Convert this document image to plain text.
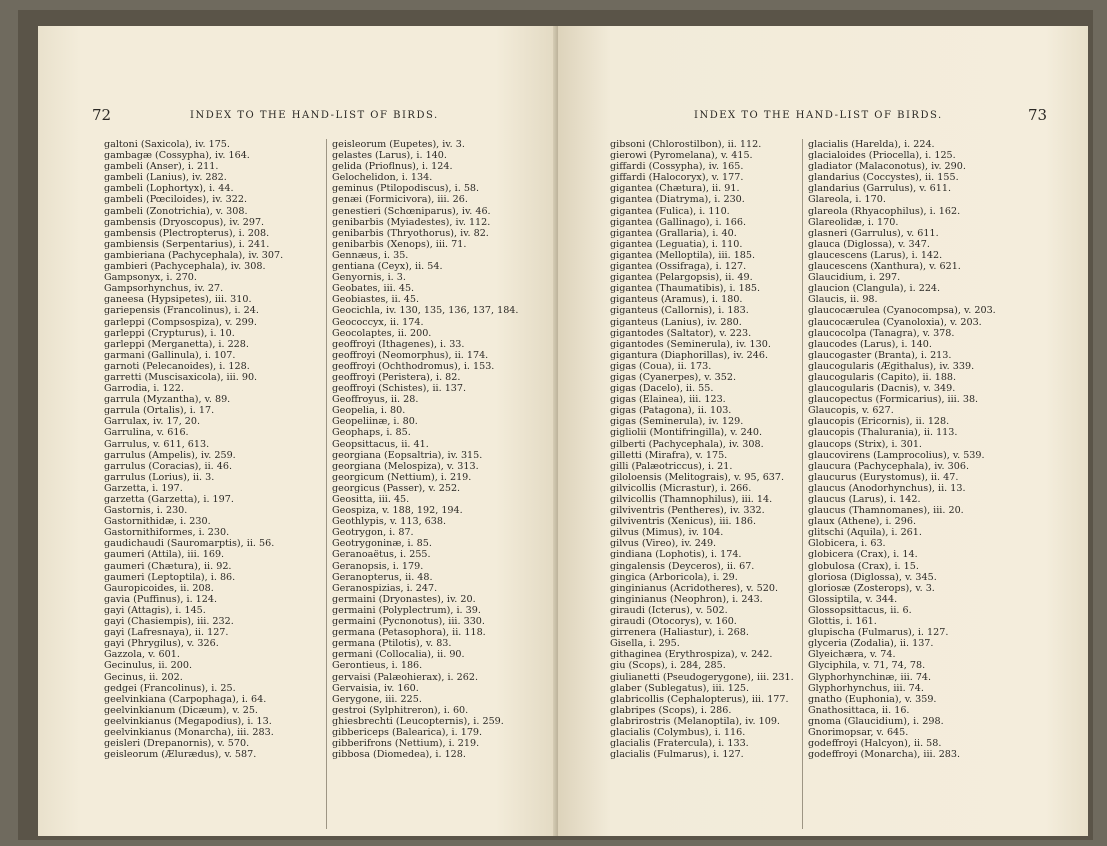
72	INDEX TO THE HAND-LIST OF BIRDS.
galtoni (Saxicola), iv. 175.
gambagæ (Cossypha), iv. 164.
gambeli (Anser), i. 211.
gambeli (Lanius), iv. 282.
gambeli (Lophortyx), i. 44.
gambeli (Pœciloides), iv. 322.
gambeli (Zonotrichia), v. 308.
gambensis (Dryoscopus), iv. 297.
gambensis (Plectropterus), i. 208.
gambiensis (Serpentarius), i. 241.
gambieriana (Pachycephala), iv. 307.
gambieri (Pachycephala), iv. 308.
Gampsonyx, i. 270.
Gampsorhynchus, iv. 27.
ganeesa (Hypsipetes), iii. 310.
gariepensis (Francolinus), i. 24.
garleppi (Compsospiza), v. 299.
garleppi (Crypturus), i. 10.
garleppi (Merganetta), i. 228.
garmani (Gallinula), i. 107.
garnoti (Pelecanoides), i. 128.
garretti (Muscisaxicola), iii. 90.
Garrodia, i. 122.
garrula (Myzantha), v. 89.
garrula (Ortalis), i. 17.
Garrulax, iv. 17, 20.
Garrulina, v. 616.
Garrulus, v. 611, 613.
garrulus (Ampelis), iv. 259.
garrulus (Coracias), ii. 46.
garrulus (Lorius), ii. 3.
Garzetta, i. 197.
garzetta (Garzetta), i. 197.
Gastornis, i. 230.
Gastornithidæ, i. 230.
Gastornithiformes, i. 230.
gaudichaudi (Sauromarptis), ii. 56.
gaumeri (Attila), iii. 169.
gaumeri (Chætura), ii. 92.
gaumeri (Leptoptila), i. 86.
Gauropicoides, ii. 208.
gavia (Puffinus), i. 124.
gayi (Attagis), i. 145.
gayi (Chasiempis), iii. 232.
gayi (Lafresnaya), ii. 127.
gayi (Phrygilus), v. 326.
Gazzola, v. 601.
Gecinulus, ii. 200.
Gecinus, ii. 202.
gedgei (Francolinus), i. 25.
geelvinkiana (Carpophaga), i. 64.
geelvinkianum (Dicæum), v. 25.
geelvinkianus (Megapodius), i. 13.
geelvinkianus (Monarcha), iii. 283.
geisleri (Drepanornis), v. 570.
geisleorum (Ælurædus), v. 587.
geisleorum (Eupetes), iv. 3.
gelastes (Larus), i. 140.
gelida (Prioflnus), i. 124.
Gelochelidon, i. 134.
geminus (Ptilopodiscus), i. 58.
genæi (Formicivora), iii. 26.
genestieri (Schœniparus), iv. 46.
genibarbis (Myiadestes), iv. 112.
genibarbis (Thryothorus), iv. 82.
genibarbis (Xenops), iii. 71.
Gennæus, i. 35.
gentiana (Ceyx), ii. 54.
Genyornis, i. 3.
Geobates, iii. 45.
Geobiastes, ii. 45.
Geocichla, iv. 130, 135, 136, 137, 184.
Geococcyx, ii. 174.
Geocolaptes, ii. 200.
geoffroyi (Ithagenes), i. 33.
geoffroyi (Neomorphus), ii. 174.
geoffroyi (Ochthodromus), i. 153.
geoffroyi (Peristera), i. 82.
geoffroyi (Schistes), ii. 137.
Geoffroyus, ii. 28.
Geopelia, i. 80.
Geopeliinæ, i. 80.
Geophaps, i. 85.
Geopsittacus, ii. 41.
georgiana (Eopsaltria), iv. 315.
georgiana (Melospiza), v. 313.
georgicum (Nettium), i. 219.
georgicus (Passer), v. 252.
Geositta, iii. 45.
Geospiza, v. 188, 192, 194.
Geothlypis, v. 113, 638.
Geotrygon, i. 87.
Geotrygoninæ, i. 85.
Geranoaëtus, i. 255.
Geranopsis, i. 179.
Geranopterus, ii. 48.
Geranospizias, i. 247.
germaini (Dryonastes), iv. 20.
germaini (Polyplectrum), i. 39.
germaini (Pycnonotus), iii. 330.
germana (Petasophora), ii. 118.
germana (Ptilotis), v. 83.
germani (Collocalia), ii. 90.
Gerontieus, i. 186.
gervaisi (Palæohierax), i. 262.
Gervaisia, iv. 160.
Gerygone, iii. 225.
gestroi (Sylphitreron), i. 60.
ghiesbrechti (Leucopternis), i. 259.
gibbericeps (Balearica), i. 179.
gibberifrons (Nettium), i. 219.
gibbosa (Diomedea), i. 128.
INDEX TO THE HAND-LIST OF BIRDS.	73
gibsoni (Chlorostilbon), ii. 112.
gierowi (Pyromelana), v. 415.
giffardi (Cossypha), iv. 165.
giffardi (Halocoryx), v. 177.
gigantea (Chætura), ii. 91.
gigantea (Diatryma), i. 230.
gigantea (Fulica), i. 110.
gigantea (Gallinago), i. 166.
gigantea (Grallaria), i. 40.
gigantea (Leguatia), i. 110.
gigantea (Melloptila), iii. 185.
gigantea (Ossifraga), i. 127.
gigantea (Pelargopsis), ii. 49.
gigantea (Thaumatibis), i. 185.
giganteus (Aramus), i. 180.
giganteus (Callornis), i. 183.
giganteus (Lanius), iv. 280.
gigantodes (Saltator), v. 223.
gigantodes (Seminerula), iv. 130.
gigantura (Diaphorillas), iv. 246.
gigas (Coua), ii. 173.
gigas (Cyanerpes), v. 352.
gigas (Dacelo), ii. 55.
gigas (Elainea), iii. 123.
gigas (Patagona), ii. 103.
gigas (Seminerula), iv. 129.
gigliolii (Montifringilla), v. 240.
gilberti (Pachycephala), iv. 308.
gilletti (Mirafra), v. 175.
gilli (Palæotriccus), i. 21.
giloloensis (Melitograis), v. 95, 637.
gilvicollis (Micrastur), i. 266.
gilvicollis (Thamnophilus), iii. 14.
gilviventris (Pentheres), iv. 332.
gilviventris (Xenicus), iii. 186.
gilvus (Mimus), iv. 104.
gilvus (Vireo), iv. 249.
gindiana (Lophotis), i. 174.
gingalensis (Deyceros), ii. 67.
gingica (Arboricola), i. 29.
ginginianus (Acridotheres), v. 520.
ginginianus (Neophron), i. 243.
giraudi (Icterus), v. 502.
giraudi (Otocorys), v. 160.
girrenera (Haliastur), i. 268.
Gisella, i. 295.
githaginea (Erythrospiza), v. 242.
giu (Scops), i. 284, 285.
giulianetti (Pseudogerygone), iii. 231.
glaber (Sublegatus), iii. 125.
glabricollis (Cephalopterus), iii. 177.
glabripes (Scops), i. 286.
glabrirostris (Melanoptila), iv. 109.
glacialis (Colymbus), i. 116.
glacialis (Fratercula), i. 133.
glacialis (Fulmarus), i. 127.
glacialis (Harelda), i. 224.
glacialoides (Priocella), i. 125.
gladiator (Malaconotus), iv. 290.
glandarius (Coccystes), ii. 155.
glandarius (Garrulus), v. 611.
Glareola, i. 170.
glareola (Rhyacophilus), i. 162.
Glareolidæ, i. 170.
glasneri (Garrulus), v. 611.
glauca (Diglossa), v. 347.
glaucescens (Larus), i. 142.
glaucescens (Xanthura), v. 621.
Glaucidium, i. 297.
glaucion (Clangula), i. 224.
Glaucis, ii. 98.
glaucocærulea (Cyanocompsa), v. 203.
glaucocærulea (Cyanoloxia), v. 203.
glaucocolpa (Tanagra), v. 378.
glaucodes (Larus), i. 140.
glaucogaster (Branta), i. 213.
glaucogularis (Ægithalus), iv. 339.
glaucogularis (Capito), ii. 188.
glaucogularis (Dacnis), v. 349.
glaucopectus (Formicarius), iii. 38.
Glaucopis, v. 627.
glaucopis (Ericornis), ii. 128.
glaucopis (Thalurania), ii. 113.
glaucops (Strix), i. 301.
glaucovirens (Lamprocolius), v. 539.
glaucura (Pachycephala), iv. 306.
glaucurus (Eurystomus), ii. 47.
glaucus (Anodorhynchus), ii. 13.
glaucus (Larus), i. 142.
glaucus (Thamnomanes), iii. 20.
glaux (Athene), i. 296.
glitschi (Aquila), i. 261.
Globicera, i. 63.
globicera (Crax), i. 14.
globulosa (Crax), i. 15.
gloriosa (Diglossa), v. 345.
gloriosæ (Zosterops), v. 3.
Glossiptila, v. 344.
Glossopsittacus, ii. 6.
Glottis, i. 161.
glupischa (Fulmarus), i. 127.
glyceria (Zodalia), ii. 137.
Glyeichæra, v. 74.
Glyciphila, v. 71, 74, 78.
Glyphorhynchinæ, iii. 74.
Glyphorhynchus, iii. 74.
gnatho (Euphonia), v. 359.
Gnathosittaca, ii. 16.
gnoma (Glaucidium), i. 298.
Gnorimopsar, v. 645.
godeffroyi (Halcyon), ii. 58.
godeffroyi (Monarcha), iii. 283.
